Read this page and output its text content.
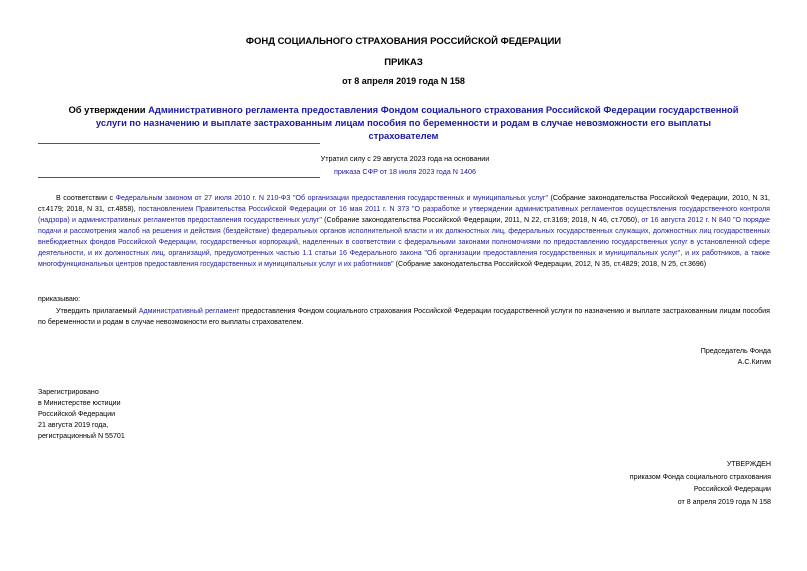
ФОНД СОЦИАЛЬНОГО СТРАХОВАНИЯ РОССИЙСКОЙ ФЕДЕРАЦИИ
ПРИКАЗ
от 8 апреля 2019 года N 158
Об утверждении Административного регламента предоставления Фондом социального страхования Российской Федерации государственной услуги по назначению и выплате застрахованным лицам пособия по беременности и родам в случае невозможности его выплаты страхователем
Утратил силу с 29 августа 2023 года на основании
приказа СФР от 18 июля 2023 года N 1406
В соответствии с Федеральным законом от 27 июля 2010 г. N 210-ФЗ "Об организации предоставления государственных и муниципальных услуг" (Собрание законодательства Российской Федерации, 2010, N 31, ст.4179; 2018, N 31, ст.4858), постановлением Правительства Российской Федерации от 16 мая 2011 г. N 373 "О разработке и утверждении административных регламентов осуществления государственного контроля (надзора) и административных регламентов предоставления государственных услуг" (Собрание законодательства Российской Федерации, 2011, N 22, ст.3169; 2018, N 46, ст.7050), от 16 августа 2012 г. N 840 "О порядке подачи и рассмотрения жалоб на решения и действия (бездействие) федеральных органов исполнительной власти и их должностных лиц, федеральных государственных служащих, должностных лиц государственных внебюджетных фондов Российской Федерации, государственных корпораций, наделенных в соответствии с федеральными законами полномочиями по предоставлению государственных услуг в установленной сфере деятельности, и их должностных лиц, организаций, предусмотренных частью 1.1 статьи 16 Федерального закона "Об организации предоставления государственных и муниципальных услуг", и их работников, а также многофункциональных центров предоставления государственных и муниципальных услуг и их работников" (Собрание законодательства Российской Федерации, 2012, N 35, ст.4829; 2018, N 25, ст.3696)
приказываю:
Утвердить прилагаемый Административный регламент предоставления Фондом социального страхования Российской Федерации государственной услуги по назначению и выплате застрахованным лицам пособия по беременности и родам в случае невозможности его выплаты страхователем.
Председатель Фонда
А.С.Кигим
Зарегистрировано
в Министерстве юстиции
Российской Федерации
21 августа 2019 года,
регистрационный N 55701
УТВЕРЖДЕН
приказом Фонда социального страхования
Российской Федерации
от 8 апреля 2019 года N 158
